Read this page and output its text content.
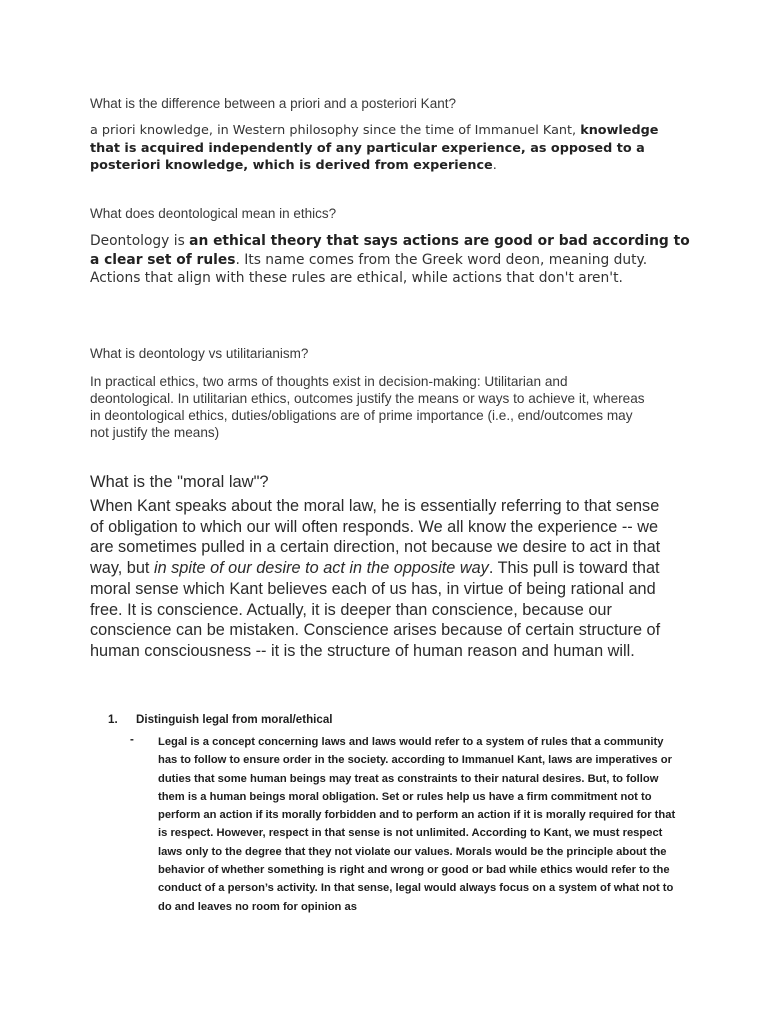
What is the difference between a priori and a posteriori Kant?

a priori knowledge, in Western philosophy since the time of Immanuel Kant, knowledge that is acquired independently of any particular experience, as opposed to a posteriori knowledge, which is derived from experience.

What does deontological mean in ethics?

Deontology is an ethical theory that says actions are good or bad according to a clear set of rules. Its name comes from the Greek word deon, meaning duty. Actions that align with these rules are ethical, while actions that don't aren't.

What is deontology vs utilitarianism?

In practical ethics, two arms of thoughts exist in decision-making: Utilitarian and deontological. In utilitarian ethics, outcomes justify the means or ways to achieve it, whereas in deontological ethics, duties/obligations are of prime importance (i.e., end/outcomes may not justify the means)

What is the "moral law"?

When Kant speaks about the moral law, he is essentially referring to that sense of obligation to which our will often responds. We all know the experience -- we are sometimes pulled in a certain direction, not because we desire to act in that way, but in spite of our desire to act in the opposite way. This pull is toward that moral sense which Kant believes each of us has, in virtue of being rational and free. It is conscience. Actually, it is deeper than conscience, because our conscience can be mistaken. Conscience arises because of certain structure of human consciousness -- it is the structure of human reason and human will.

1. Distinguish legal from moral/ethical
- Legal is a concept concerning laws and laws would refer to a system of rules that a community has to follow to ensure order in the society. according to Immanuel Kant, laws are imperatives or duties that some human beings may treat as constraints to their natural desires. But, to follow them is a human beings moral obligation. Set or rules help us have a firm commitment not to perform an action if its morally forbidden and to perform an action if it is morally required for that is respect. However, respect in that sense is not unlimited. According to Kant, we must respect laws only to the degree that they not violate our values. Morals would be the principle about the behavior of whether something is right and wrong or good or bad while ethics would refer to the conduct of a person’s activity. In that sense, legal would always focus on a system of what not to do and leaves no room for opinion as
